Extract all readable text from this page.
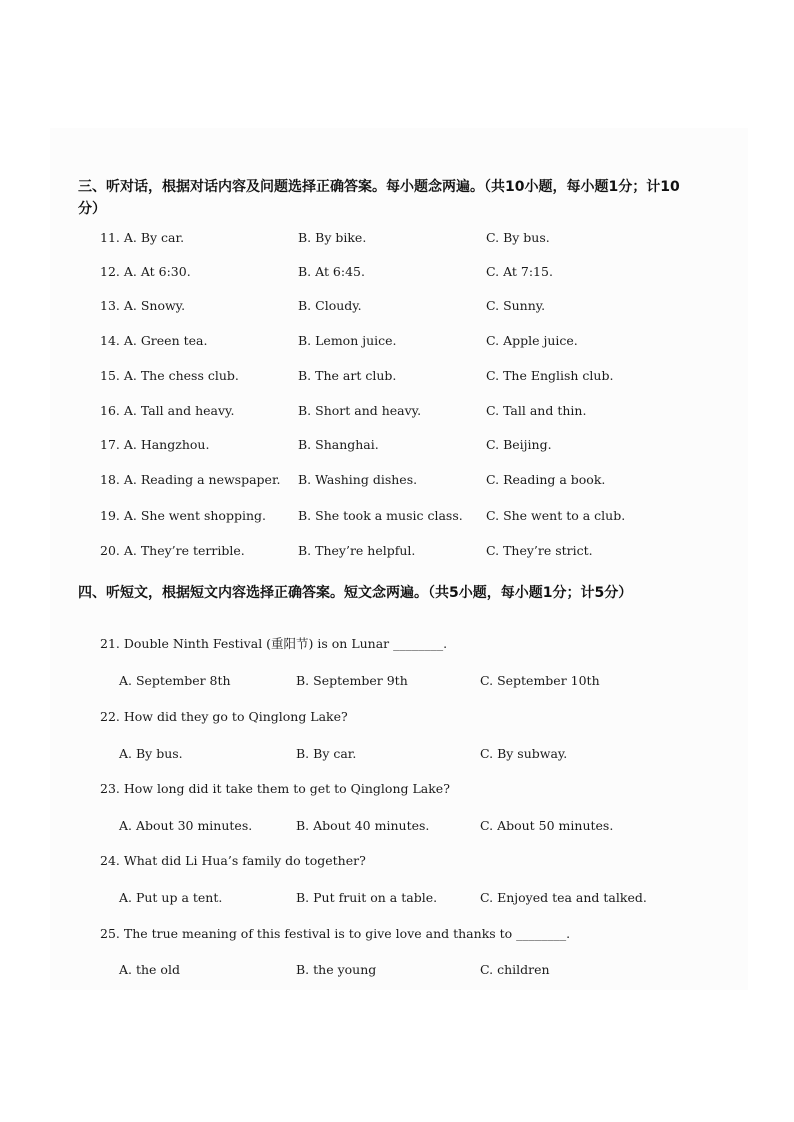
三、听对话，根据对话内容及问题选择正确答案。每小题念两遍。（共10小题，每小题1分；计10分）
11. A. By car.	B. By bike.	C. By bus.
12. A. At 6:30.	B. At 6:45.	C. At 7:15.
13. A. Snowy.	B. Cloudy.	C. Sunny.
14. A. Green tea.	B. Lemon juice.	C. Apple juice.
15. A. The chess club.	B. The art club.	C. The English club.
16. A. Tall and heavy.	B. Short and heavy.	C. Tall and thin.
17. A. Hangzhou.	B. Shanghai.	C. Beijing.
18. A. Reading a newspaper. B. Washing dishes.	C. Reading a book.
19. A. She went shopping.	B. She took a music class. C. She went to a club.
20. A. They’re terrible.	B. They’re helpful.	C. They’re strict.
四、听短文，根据短文内容选择正确答案。短文念两遍。（共5小题，每小题1分；计5分）
21. Double Ninth Festival (重阳节) is on Lunar ________.
A. September 8th	B. September 9th	C. September 10th
22. How did they go to Qinglong Lake?
A. By bus.	B. By car.	C. By subway.
23. How long did it take them to get to Qinglong Lake?
A. About 30 minutes.	B. About 40 minutes.	C. About 50 minutes.
24. What did Li Hua’s family do together?
A. Put up a tent.	B. Put fruit on a table.	C. Enjoyed tea and talked.
25. The true meaning of this festival is to give love and thanks to ________.
A. the old	B. the young	C. children
